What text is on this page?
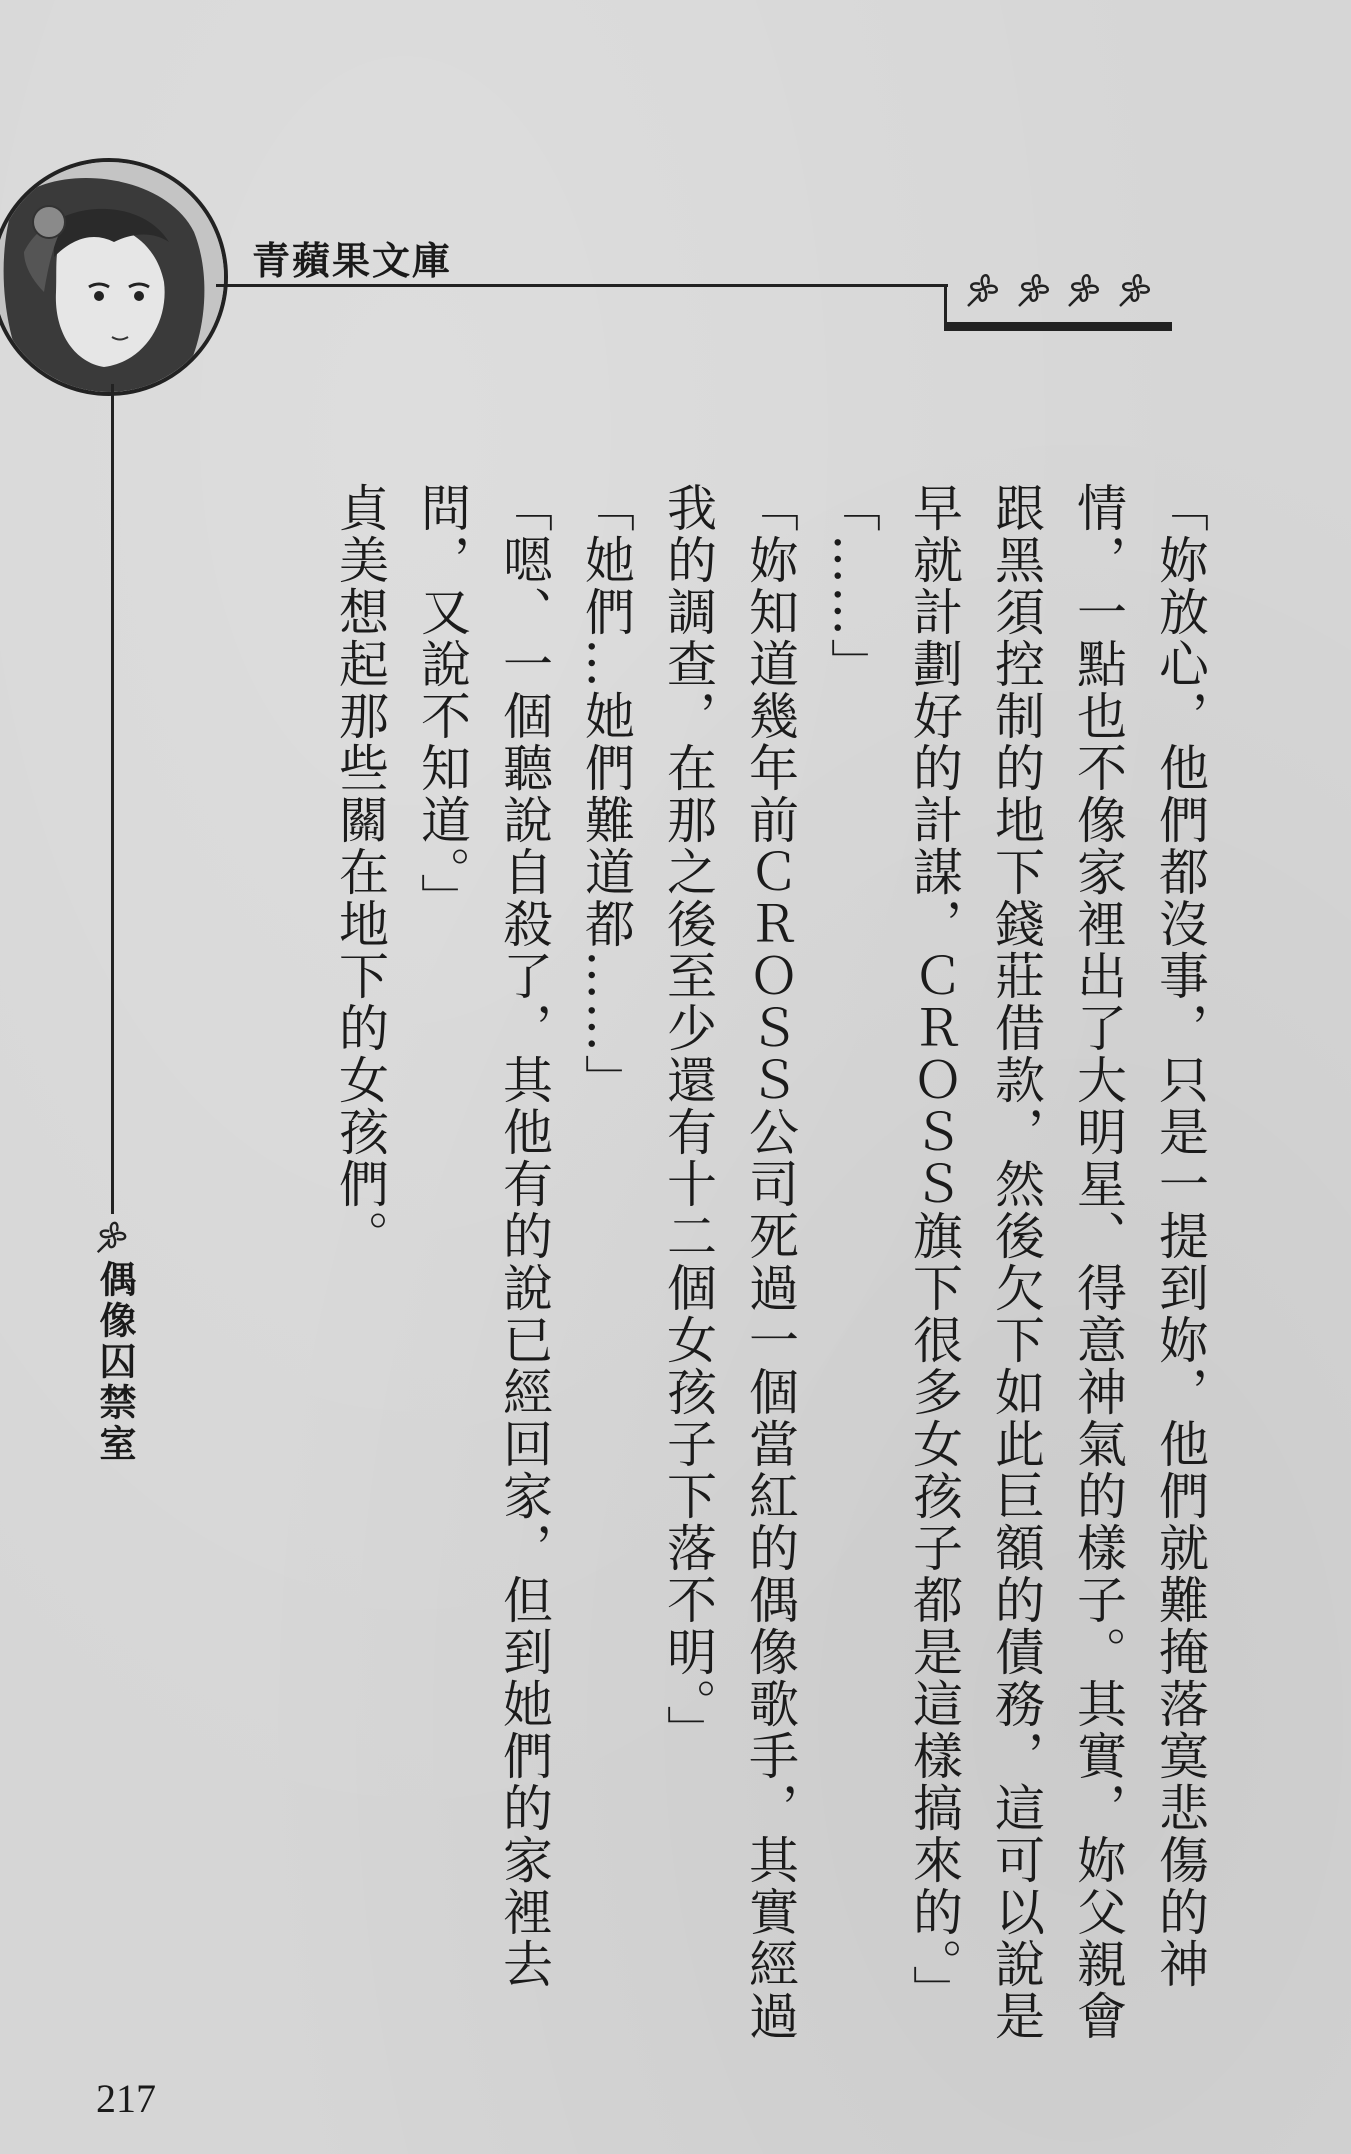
青蘋果文庫
偶像囚禁室	「妳放心，他們都沒事，只是一提到妳，他們就難掩落寞悲傷的神情，一點也不像家裡出了大明星、得意神氣的樣子。其實，妳父親會跟黑須控制的地下錢莊借款，然後欠下如此巨額的債務，這可以說是早就計劃好的計謀，ＣＲＯＳＳ旗下很多女孩子都是這樣搞來的。」

「……」

「妳知道幾年前ＣＲＯＳＳ公司死過一個當紅的偶像歌手，其實經過我的調查，在那之後至少還有十二個女孩子下落不明。」

「她們…她們難道都……」

「嗯、一個聽說自殺了，其他有的說已經回家，但到她們的家裡去問，又說不知道。」

貞美想起那些關在地下的女孩們。

217
